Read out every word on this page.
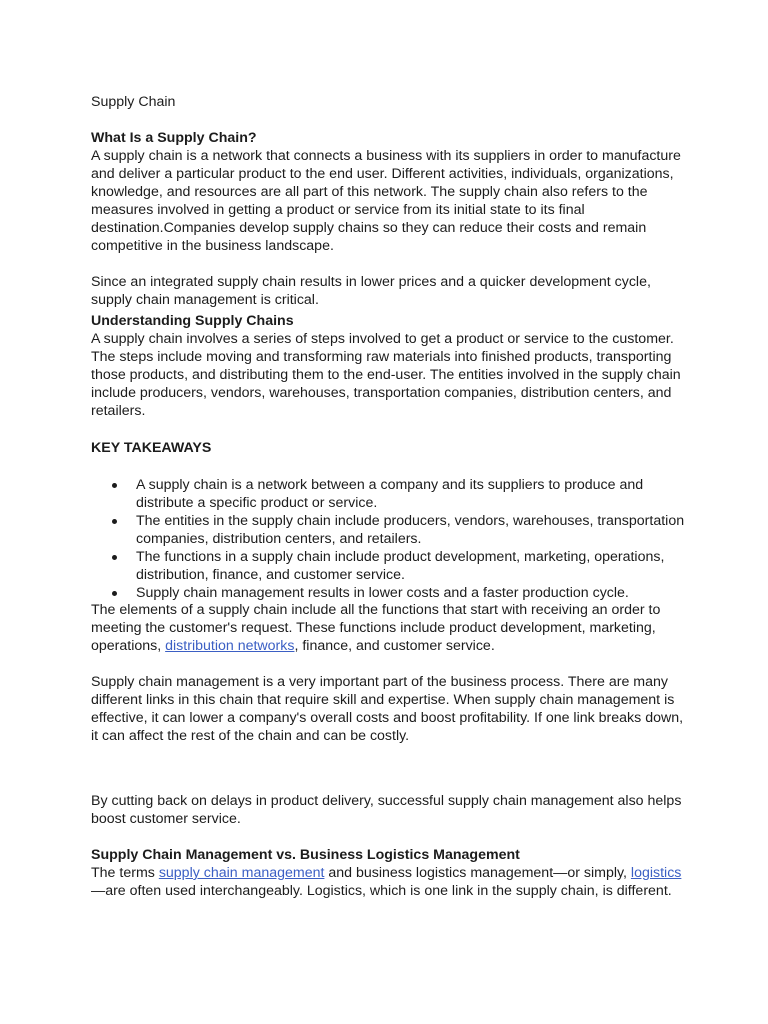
Supply Chain

What Is a Supply Chain?

A supply chain is a network that connects a business with its suppliers in order to manufacture and deliver a particular product to the end user. Different activities, individuals, organizations, knowledge, and resources are all part of this network. The supply chain also refers to the measures involved in getting a product or service from its initial state to its final destination.Companies develop supply chains so they can reduce their costs and remain competitive in the business landscape.

Since an integrated supply chain results in lower prices and a quicker development cycle, supply chain management is critical.

Understanding Supply Chains

A supply chain involves a series of steps involved to get a product or service to the customer. The steps include moving and transforming raw materials into finished products, transporting those products, and distributing them to the end-user. The entities involved in the supply chain include producers, vendors, warehouses, transportation companies, distribution centers, and retailers.

KEY TAKEAWAYS

A supply chain is a network between a company and its suppliers to produce and distribute a specific product or service.
The entities in the supply chain include producers, vendors, warehouses, transportation companies, distribution centers, and retailers.
The functions in a supply chain include product development, marketing, operations, distribution, finance, and customer service.
Supply chain management results in lower costs and a faster production cycle.

The elements of a supply chain include all the functions that start with receiving an order to meeting the customer's request. These functions include product development, marketing, operations, distribution networks, finance, and customer service.

Supply chain management is a very important part of the business process. There are many different links in this chain that require skill and expertise. When supply chain management is effective, it can lower a company's overall costs and boost profitability. If one link breaks down, it can affect the rest of the chain and can be costly.

By cutting back on delays in product delivery, successful supply chain management also helps boost customer service.

Supply Chain Management vs. Business Logistics Management

The terms supply chain management and business logistics management—or simply, logistics—are often used interchangeably. Logistics, which is one link in the supply chain, is different.
